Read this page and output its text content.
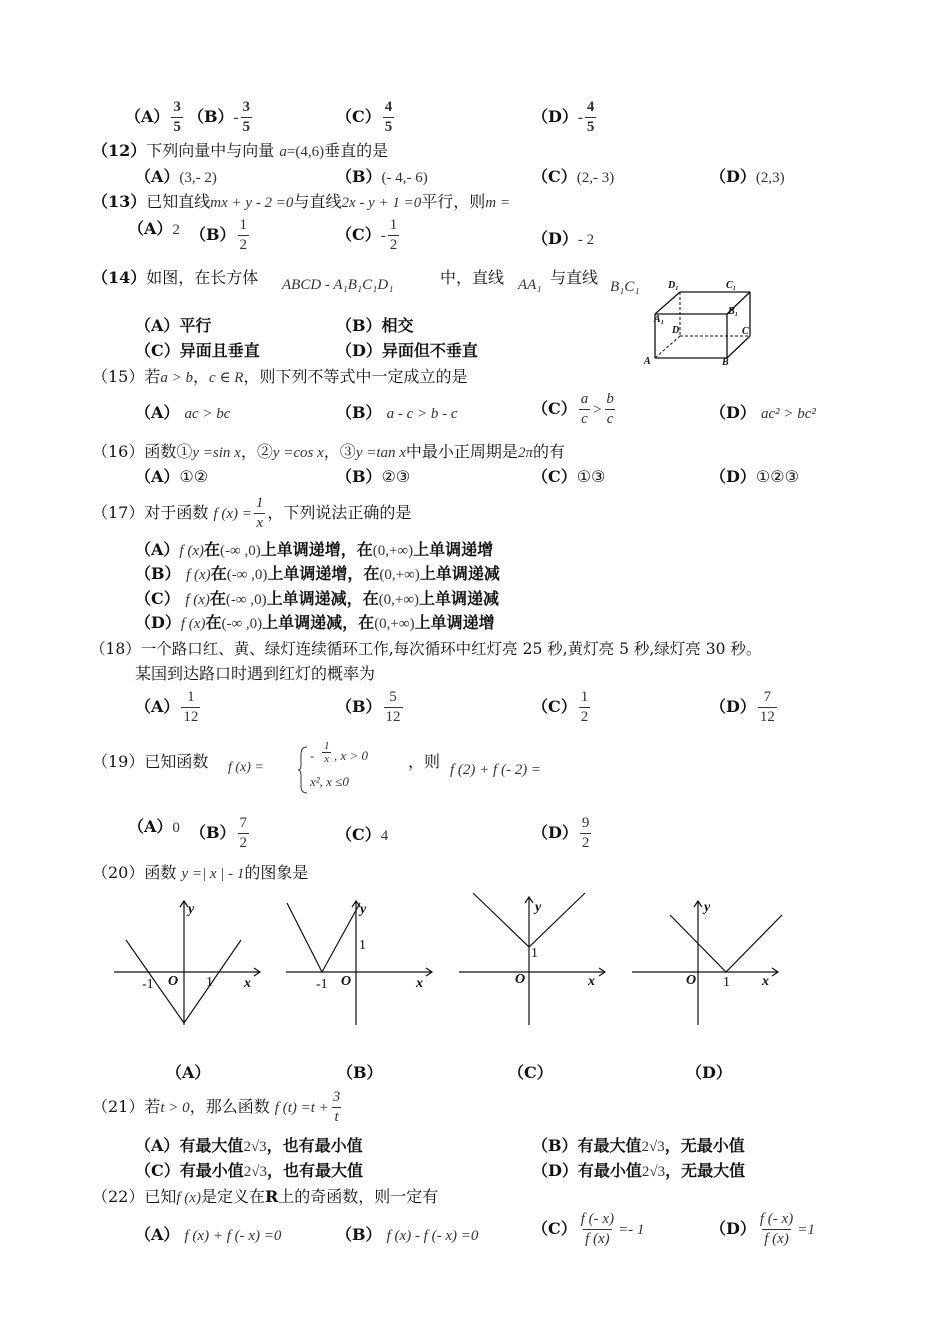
$(A) \frac{3}{5} (B)- \frac{3}{5}$	$(C) \frac{4}{5}$	$(D)- \frac{4}{5}$
（12）下列向量中与向量 a=(4,6)垂直的是
（A）(3,- 2)	（B）(- 4,- 6)	（C）(2,- 3)	（D）(2,3)
（13）已知直线mx + y - 2 =0与直线2x - y + 1 =0平行，则m =
（A）2 $(B) \frac{1}{2}$	$(C)- \frac{1}{2}$	（D）- 2
（14）如图，在长方体 ABCD - A₁B₁C₁D₁	中，直线 AA₁ 与直线 B₁C₁
（A）平行	（B）相交
（C）异面且垂直	（D）异面但不垂直
D₁	C₁
A₁
B₁
D	C
A	B
（15）若a > b，c ∈ R，则下列不等式中一定成立的是
（A） ac > bc	（B） a - c > b - c	$(C) \frac{a}{c} > \frac{b}{c}$	（D） ac² > bc²
（16）函数①y =sin x，②y =cos x，③y =tan x中最小正周期是2π的有
（A）①②	（B）②③	（C）①③	（D）①②③
（17）对于函数 f $(x) = \frac{1}{x}$ ，下列说法正确的是
（A）f (x)在(-∞ ,0)上单调递增，在(0,+∞)上单调递增
（B） f (x)在(-∞ ,0)上单调递增，在(0,+∞)上单调递减
（C） f (x)在(-∞ ,0)上单调递减，在(0,+∞)上单调递减
（D）f (x)在(-∞ ,0)上单调递减，在(0,+∞)上单调递增
（18）一个路口红、黄、绿灯连续循环工作,每次循环中红灯亮 25 秒,黄灯亮 5 秒,绿灯亮 30 秒。
某国到达路口时遇到红灯的概率为
$(A) \frac{1}{12}$	$(B) \frac{5}{12}$	$(C) \frac{1}{2}$	$(D) \frac{7}{12}$
（19）已知函数 f (x) =
- $\frac{1}{x}$ , x > 0
x², x ≤0
，则 f (2) + f (- 2) =
（A）0 $(B) \frac{7}{2}$	（C）4	$(D) \frac{9}{2}$
（20）函数 y =| x | - 1的图象是
y
x
O
-1	1
（A）
y
x
O
-1
1
（B）
y
x
O
1
（C）
y
x
O 1
（D）
（21）若t > 0，那么函数 f $(t) =t + \frac{3}{t}$
（A）有最大值2√3，也有最小值	（B）有最大值2√3，无最小值
（C）有最小值2√3，也有最大值	（D）有最小值2√3，无最大值
（22）已知f (x)是定义在R上的奇函数，则一定有
（A） f (x) + f (- x) =0	（B） f (x) - f (- x) =0	$(C) \frac{f (- x)}{f (x)} =- 1$	$(D) \frac{f (- x)}{f (x)} =1$
